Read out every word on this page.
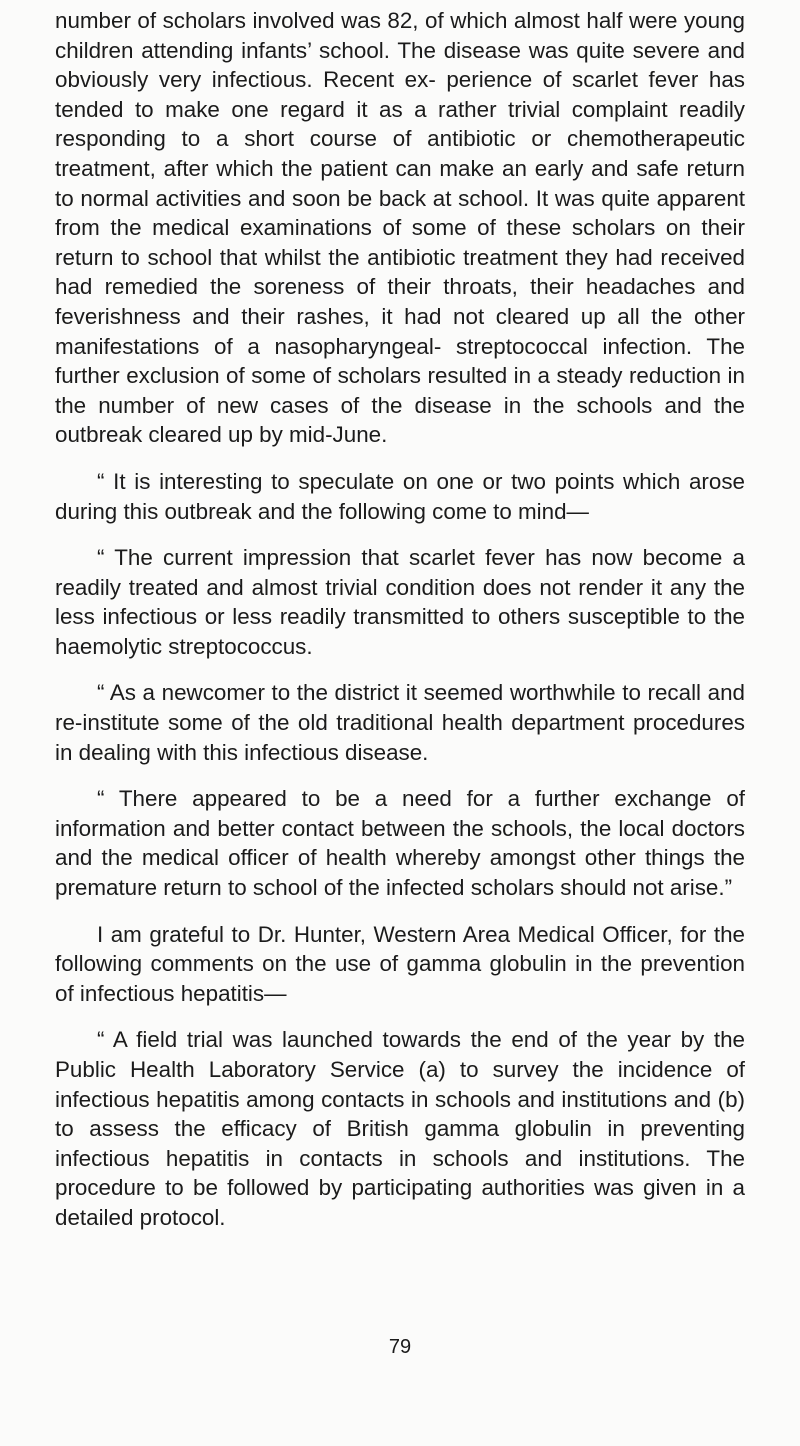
number of scholars involved was 82, of which almost half were young children attending infants’ school. The disease was quite severe and obviously very infectious. Recent ex- perience of scarlet fever has tended to make one regard it as a rather trivial complaint readily responding to a short course of antibiotic or chemotherapeutic treatment, after which the patient can make an early and safe return to normal activities and soon be back at school. It was quite apparent from the medical examinations of some of these scholars on their return to school that whilst the antibiotic treatment they had received had remedied the soreness of their throats, their headaches and feverishness and their rashes, it had not cleared up all the other manifestations of a nasopharyngeal- streptococcal infection. The further exclusion of some of scholars resulted in a steady reduction in the number of new cases of the disease in the schools and the outbreak cleared up by mid-June.

“ It is interesting to speculate on one or two points which arose during this outbreak and the following come to mind—

“ The current impression that scarlet fever has now become a readily treated and almost trivial condition does not render it any the less infectious or less readily transmitted to others susceptible to the haemolytic streptococcus.

“ As a newcomer to the district it seemed worthwhile to recall and re-institute some of the old traditional health department procedures in dealing with this infectious disease.

“ There appeared to be a need for a further exchange of information and better contact between the schools, the local doctors and the medical officer of health whereby amongst other things the premature return to school of the infected scholars should not arise.”

I am grateful to Dr. Hunter, Western Area Medical Officer, for the following comments on the use of gamma globulin in the prevention of infectious hepatitis—

“ A field trial was launched towards the end of the year by the Public Health Laboratory Service (a) to survey the incidence of infectious hepatitis among contacts in schools and institutions and (b) to assess the efficacy of British gamma globulin in preventing infectious hepatitis in contacts in schools and institutions. The procedure to be followed by participating authorities was given in a detailed protocol.

79
